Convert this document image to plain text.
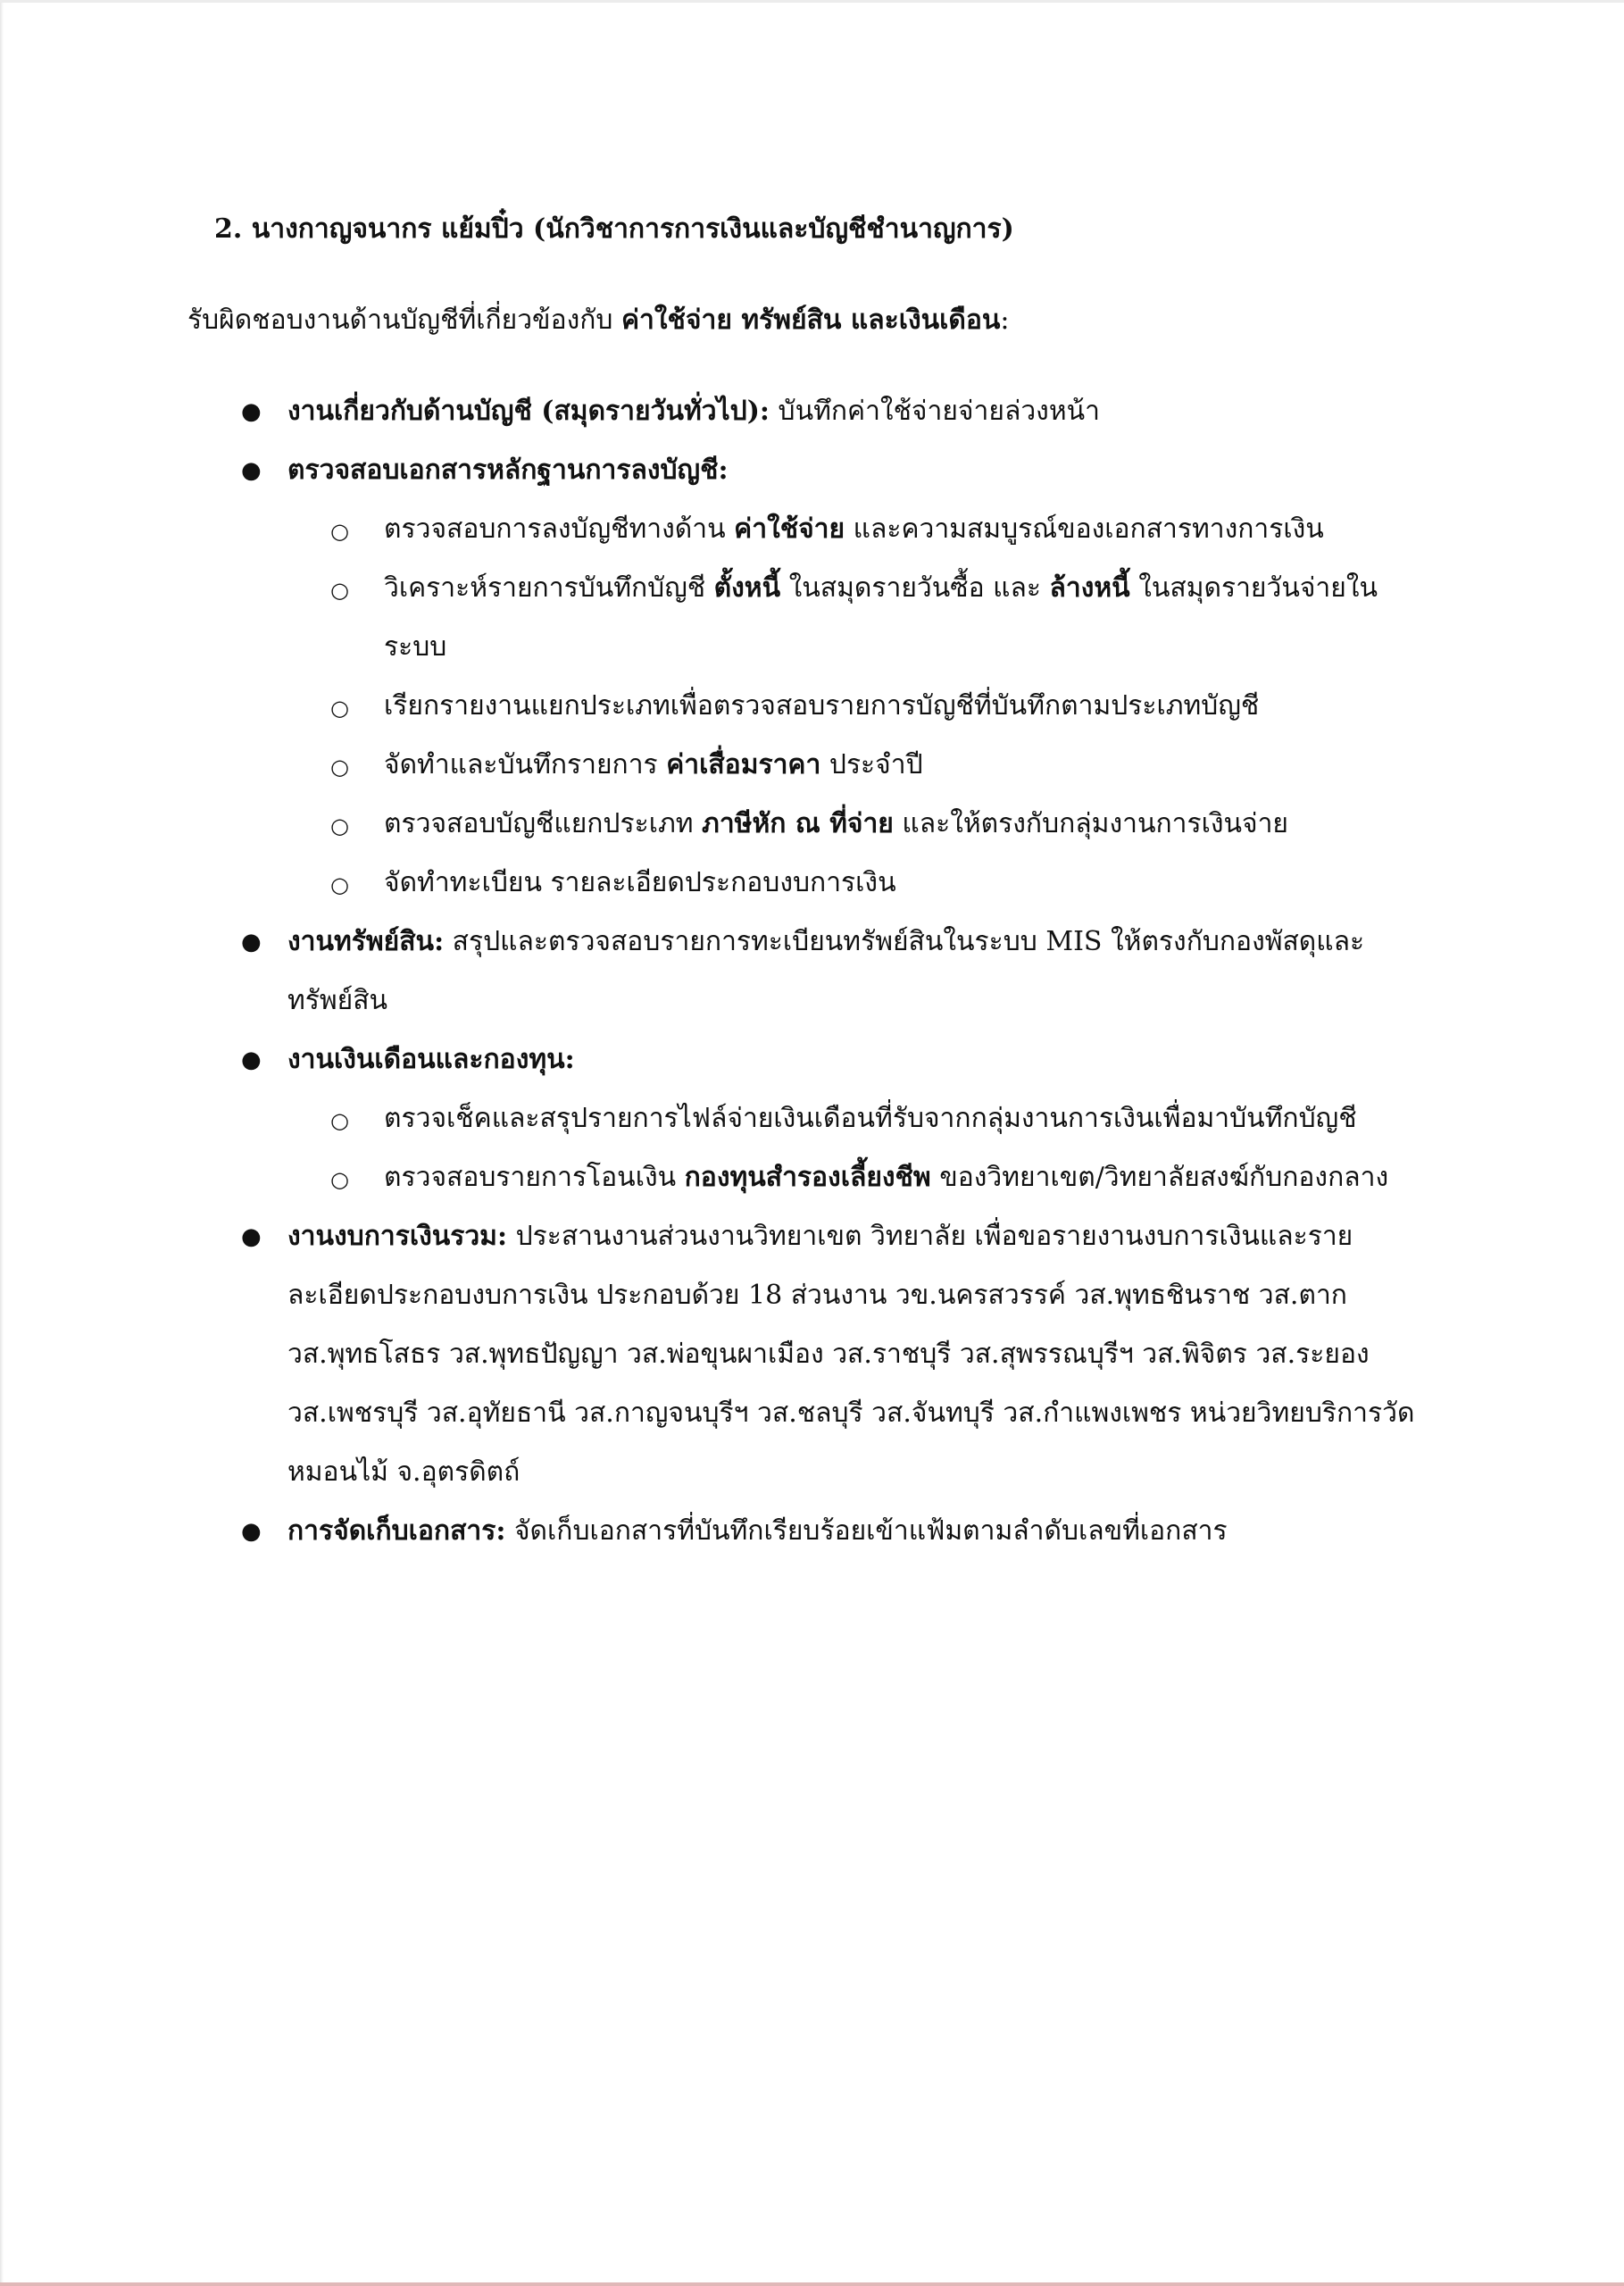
2. นางกาญจนากร แย้มปิ๋ว (นักวิชาการการเงินและบัญชีชำนาญการ)
รับผิดชอบงานด้านบัญชีที่เกี่ยวข้องกับ ค่าใช้จ่าย ทรัพย์สิน และเงินเดือน:
● งานเกี่ยวกับด้านบัญชี (สมุดรายวันทั่วไป): บันทึกค่าใช้จ่ายจ่ายล่วงหน้า
● ตรวจสอบเอกสารหลักฐานการลงบัญชี:
○ ตรวจสอบการลงบัญชีทางด้าน ค่าใช้จ่าย และความสมบูรณ์ของเอกสารทางการเงิน
○ วิเคราะห์รายการบันทึกบัญชี ตั้งหนี้ ในสมุดรายวันซื้อ และ ล้างหนี้ ในสมุดรายวันจ่ายในระบบ
○ เรียกรายงานแยกประเภทเพื่อตรวจสอบรายการบัญชีที่บันทึกตามประเภทบัญชี
○ จัดทำและบันทึกรายการ ค่าเสื่อมราคา ประจำปี
○ ตรวจสอบบัญชีแยกประเภท ภาษีหัก ณ ที่จ่าย และให้ตรงกับกลุ่มงานการเงินจ่าย
○ จัดทำทะเบียน รายละเอียดประกอบงบการเงิน
● งานทรัพย์สิน: สรุปและตรวจสอบรายการทะเบียนทรัพย์สินในระบบ MIS ให้ตรงกับกองพัสดุและทรัพย์สิน
● งานเงินเดือนและกองทุน:
○ ตรวจเช็คและสรุปรายการไฟล์จ่ายเงินเดือนที่รับจากกลุ่มงานการเงินเพื่อมาบันทึกบัญชี
○ ตรวจสอบรายการโอนเงิน กองทุนสำรองเลี้ยงชีพ ของวิทยาเขต/วิทยาลัยสงฆ์กับกองกลาง
● งานงบการเงินรวม: ประสานงานส่วนงานวิทยาเขต วิทยาลัย เพื่อขอรายงานงบการเงินและรายละเอียดประกอบงบการเงิน ประกอบด้วย 18 ส่วนงาน วข.นครสวรรค์ วส.พุทธชินราช วส.ตาก วส.พุทธโสธร วส.พุทธปัญญา วส.พ่อขุนผาเมือง วส.ราชบุรี วส.สุพรรณบุรีฯ วส.พิจิตร วส.ระยอง วส.เพชรบุรี วส.อุทัยธานี วส.กาญจนบุรีฯ วส.ชลบุรี วส.จันทบุรี วส.กำแพงเพชร หน่วยวิทยบริการวัดหมอนไม้ จ.อุตรดิตถ์
● การจัดเก็บเอกสาร: จัดเก็บเอกสารที่บันทึกเรียบร้อยเข้าแฟ้มตามลำดับเลขที่เอกสาร
